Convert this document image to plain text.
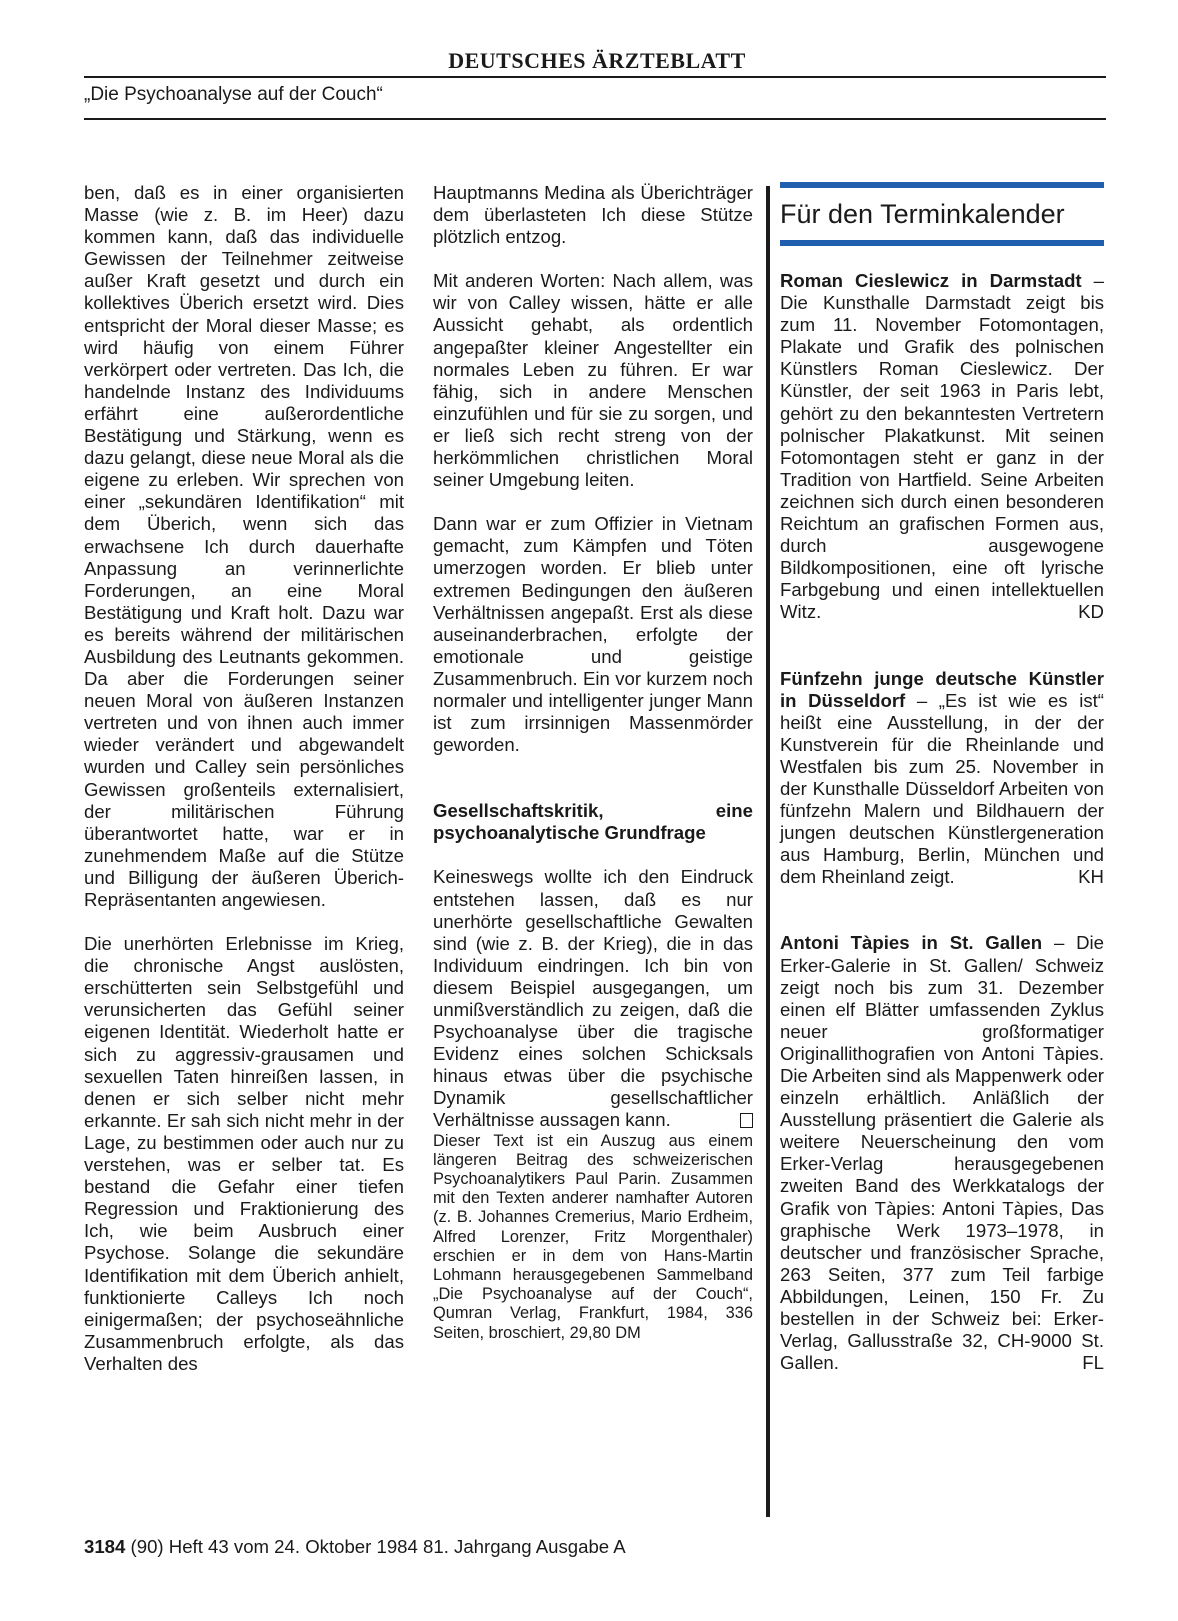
DEUTSCHES ÄRZTEBLATT
„Die Psychoanalyse auf der Couch“

ben, daß es in einer organisierten Masse (wie z. B. im Heer) dazu kommen kann, daß das individuelle Gewissen der Teilnehmer zeitweise außer Kraft gesetzt und durch ein kollektives Überich ersetzt wird. Dies entspricht der Moral dieser Masse; es wird häufig von einem Führer verkörpert oder vertreten. Das Ich, die handelnde Instanz des Individuums erfährt eine außerordentliche Bestätigung und Stärkung, wenn es dazu gelangt, diese neue Moral als die eigene zu erleben. Wir sprechen von einer „sekundären Identifikation“ mit dem Überich, wenn sich das erwachsene Ich durch dauerhafte Anpassung an verinnerlichte Forderungen, an eine Moral Bestätigung und Kraft holt. Dazu war es bereits während der militärischen Ausbildung des Leutnants gekommen. Da aber die Forderungen seiner neuen Moral von äußeren Instanzen vertreten und von ihnen auch immer wieder verändert und abgewandelt wurden und Calley sein persönliches Gewissen großenteils externalisiert, der militärischen Führung überantwortet hatte, war er in zunehmendem Maße auf die Stütze und Billigung der äußeren Überich-Repräsentanten angewiesen.

Die unerhörten Erlebnisse im Krieg, die chronische Angst auslösten, erschütterten sein Selbstgefühl und verunsicherten das Gefühl seiner eigenen Identität. Wiederholt hatte er sich zu aggressiv-grausamen und sexuellen Taten hinreißen lassen, in denen er sich selber nicht mehr erkannte. Er sah sich nicht mehr in der Lage, zu bestimmen oder auch nur zu verstehen, was er selber tat. Es bestand die Gefahr einer tiefen Regression und Fraktionierung des Ich, wie beim Ausbruch einer Psychose. Solange die sekundäre Identifikation mit dem Überich anhielt, funktionierte Calleys Ich noch einigermaßen; der psychoseähnliche Zusammenbruch erfolgte, als das Verhalten des

Hauptmanns Medina als Überichträger dem überlasteten Ich diese Stütze plötzlich entzog.

Mit anderen Worten: Nach allem, was wir von Calley wissen, hätte er alle Aussicht gehabt, als ordentlich angepaßter kleiner Angestellter ein normales Leben zu führen. Er war fähig, sich in andere Menschen einzufühlen und für sie zu sorgen, und er ließ sich recht streng von der herkömmlichen christlichen Moral seiner Umgebung leiten.

Dann war er zum Offizier in Vietnam gemacht, zum Kämpfen und Töten umerzogen worden. Er blieb unter extremen Bedingungen den äußeren Verhältnissen angepaßt. Erst als diese auseinanderbrachen, erfolgte der emotionale und geistige Zusammenbruch. Ein vor kurzem noch normaler und intelligenter junger Mann ist zum irrsinnigen Massenmörder geworden.

Gesellschaftskritik, eine psychoanalytische Grundfrage

Keineswegs wollte ich den Eindruck entstehen lassen, daß es nur unerhörte gesellschaftliche Gewalten sind (wie z. B. der Krieg), die in das Individuum eindringen. Ich bin von diesem Beispiel ausgegangen, um unmißverständlich zu zeigen, daß die Psychoanalyse über die tragische Evidenz eines solchen Schicksals hinaus etwas über die psychische Dynamik gesellschaftlicher Verhältnisse aussagen kann.

Dieser Text ist ein Auszug aus einem längeren Beitrag des schweizerischen Psychoanalytikers Paul Parin. Zusammen mit den Texten anderer namhafter Autoren (z. B. Johannes Cremerius, Mario Erdheim, Alfred Lorenzer, Fritz Morgenthaler) erschien er in dem von Hans-Martin Lohmann herausgegebenen Sammelband „Die Psychoanalyse auf der Couch“, Qumran Verlag, Frankfurt, 1984, 336 Seiten, broschiert, 29,80 DM

Für den Terminkalender

Roman Cieslewicz in Darmstadt – Die Kunsthalle Darmstadt zeigt bis zum 11. November Fotomontagen, Plakate und Grafik des polnischen Künstlers Roman Cieslewicz. Der Künstler, der seit 1963 in Paris lebt, gehört zu den bekanntesten Vertretern polnischer Plakatkunst. Mit seinen Fotomontagen steht er ganz in der Tradition von Hartfield. Seine Arbeiten zeichnen sich durch einen besonderen Reichtum an grafischen Formen aus, durch ausgewogene Bildkompositionen, eine oft lyrische Farbgebung und einen intellektuellen Witz.	KD

Fünfzehn junge deutsche Künstler in Düsseldorf – „Es ist wie es ist“ heißt eine Ausstellung, in der der Kunstverein für die Rheinlande und Westfalen bis zum 25. November in der Kunsthalle Düsseldorf Arbeiten von fünfzehn Malern und Bildhauern der jungen deutschen Künstlergeneration aus Hamburg, Berlin, München und dem Rheinland zeigt.	KH

Antoni Tàpies in St. Gallen – Die Erker-Galerie in St. Gallen/ Schweiz zeigt noch bis zum 31. Dezember einen elf Blätter umfassenden Zyklus neuer großformatiger Originallithografien von Antoni Tàpies. Die Arbeiten sind als Mappenwerk oder einzeln erhältlich. Anläßlich der Ausstellung präsentiert die Galerie als weitere Neuerscheinung den vom Erker-Verlag herausgegebenen zweiten Band des Werkkatalogs der Grafik von Tàpies: Antoni Tàpies, Das graphische Werk 1973–1978, in deutscher und französischer Sprache, 263 Seiten, 377 zum Teil farbige Abbildungen, Leinen, 150 Fr. Zu bestellen in der Schweiz bei: Erker-Verlag, Gallusstraße 32, CH-9000 St. Gallen.	FL

3184 (90) Heft 43 vom 24. Oktober 1984 81. Jahrgang Ausgabe A
